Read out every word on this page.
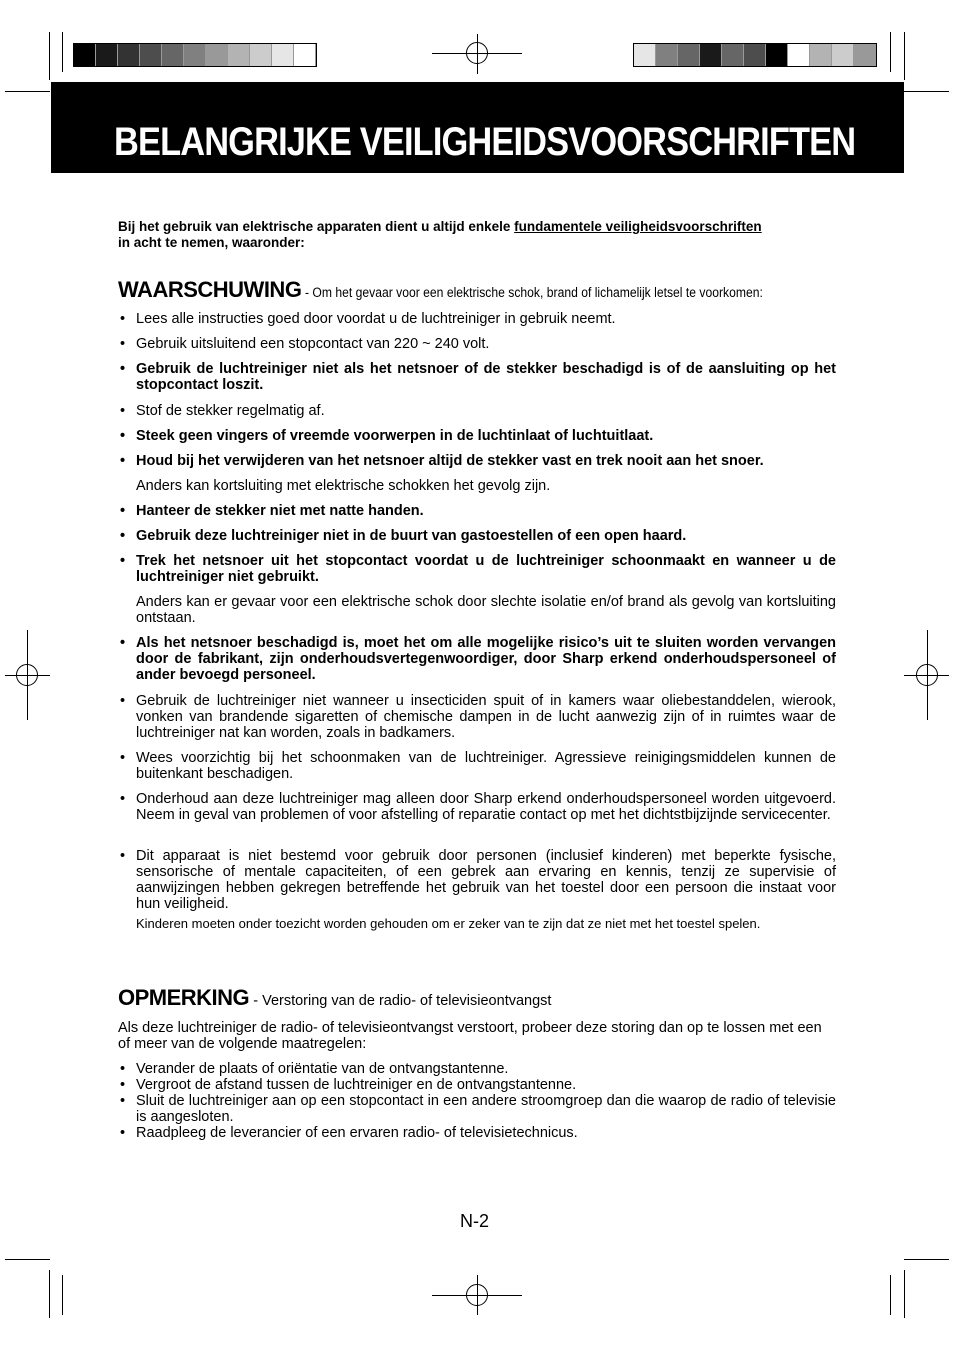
BELANGRIJKE VEILIGHEIDSVOORSCHRIFTEN
Bij het gebruik van elektrische apparaten dient u altijd enkele fundamentele veiligheidsvoorschriften
in acht te nemen, waaronder:
WAARSCHUWING - Om het gevaar voor een elektrische schok, brand of lichamelijk letsel te voorkomen:
• Lees alle instructies goed door voordat u de luchtreiniger in gebruik neemt.
• Gebruik uitsluitend een stopcontact van 220 ~ 240 volt.
• Gebruik de luchtreiniger niet als het netsnoer of de stekker beschadigd is of de aansluiting op het stopcontact loszit.
• Stof de stekker regelmatig af.
• Steek geen vingers of vreemde voorwerpen in de luchtinlaat of luchtuitlaat.
• Houd bij het verwijderen van het netsnoer altijd de stekker vast en trek nooit aan het snoer.
Anders kan kortsluiting met elektrische schokken het gevolg zijn.
• Hanteer de stekker niet met natte handen.
• Gebruik deze luchtreiniger niet in de buurt van gastoestellen of een open haard.
• Trek het netsnoer uit het stopcontact voordat u de luchtreiniger schoonmaakt en wanneer u de luchtreiniger niet gebruikt.
Anders kan er gevaar voor een elektrische schok door slechte isolatie en/of brand als gevolg van kortsluiting ontstaan.
• Als het netsnoer beschadigd is, moet het om alle mogelijke risico’s uit te sluiten worden vervangen door de fabrikant, zijn onderhoudsvertegenwoordiger, door Sharp erkend onderhoudspersoneel of ander bevoegd personeel.
• Gebruik de luchtreiniger niet wanneer u insecticiden spuit of in kamers waar oliebestanddelen, wierook, vonken van brandende sigaretten of chemische dampen in de lucht aanwezig zijn of in ruimtes waar de luchtreiniger nat kan worden, zoals in badkamers.
• Wees voorzichtig bij het schoonmaken van de luchtreiniger. Agressieve reinigingsmiddelen kunnen de buitenkant beschadigen.
• Onderhoud aan deze luchtreiniger mag alleen door Sharp erkend onderhoudspersoneel worden uitgevoerd. Neem in geval van problemen of voor afstelling of reparatie contact op met het dichtstbijzijnde servicecenter.
• Dit apparaat is niet bestemd voor gebruik door personen (inclusief kinderen) met beperkte fysische, sensorische of mentale capaciteiten, of een gebrek aan ervaring en kennis, tenzij ze supervisie of aanwijzingen hebben gekregen betreffende het gebruik van het toestel door een persoon die instaat voor hun veiligheid.
Kinderen moeten onder toezicht worden gehouden om er zeker van te zijn dat ze niet met het toestel spelen.
OPMERKING - Verstoring van de radio- of televisieontvangst
Als deze luchtreiniger de radio- of televisieontvangst verstoort, probeer deze storing dan op te lossen met een of meer van de volgende maatregelen:
• Verander de plaats of oriëntatie van de ontvangstantenne.
• Vergroot de afstand tussen de luchtreiniger en de ontvangstantenne.
• Sluit de luchtreiniger aan op een stopcontact in een andere stroomgroep dan die waarop de radio of televisie is aangesloten.
• Raadpleeg de leverancier of een ervaren radio- of televisietechnicus.
N-2
